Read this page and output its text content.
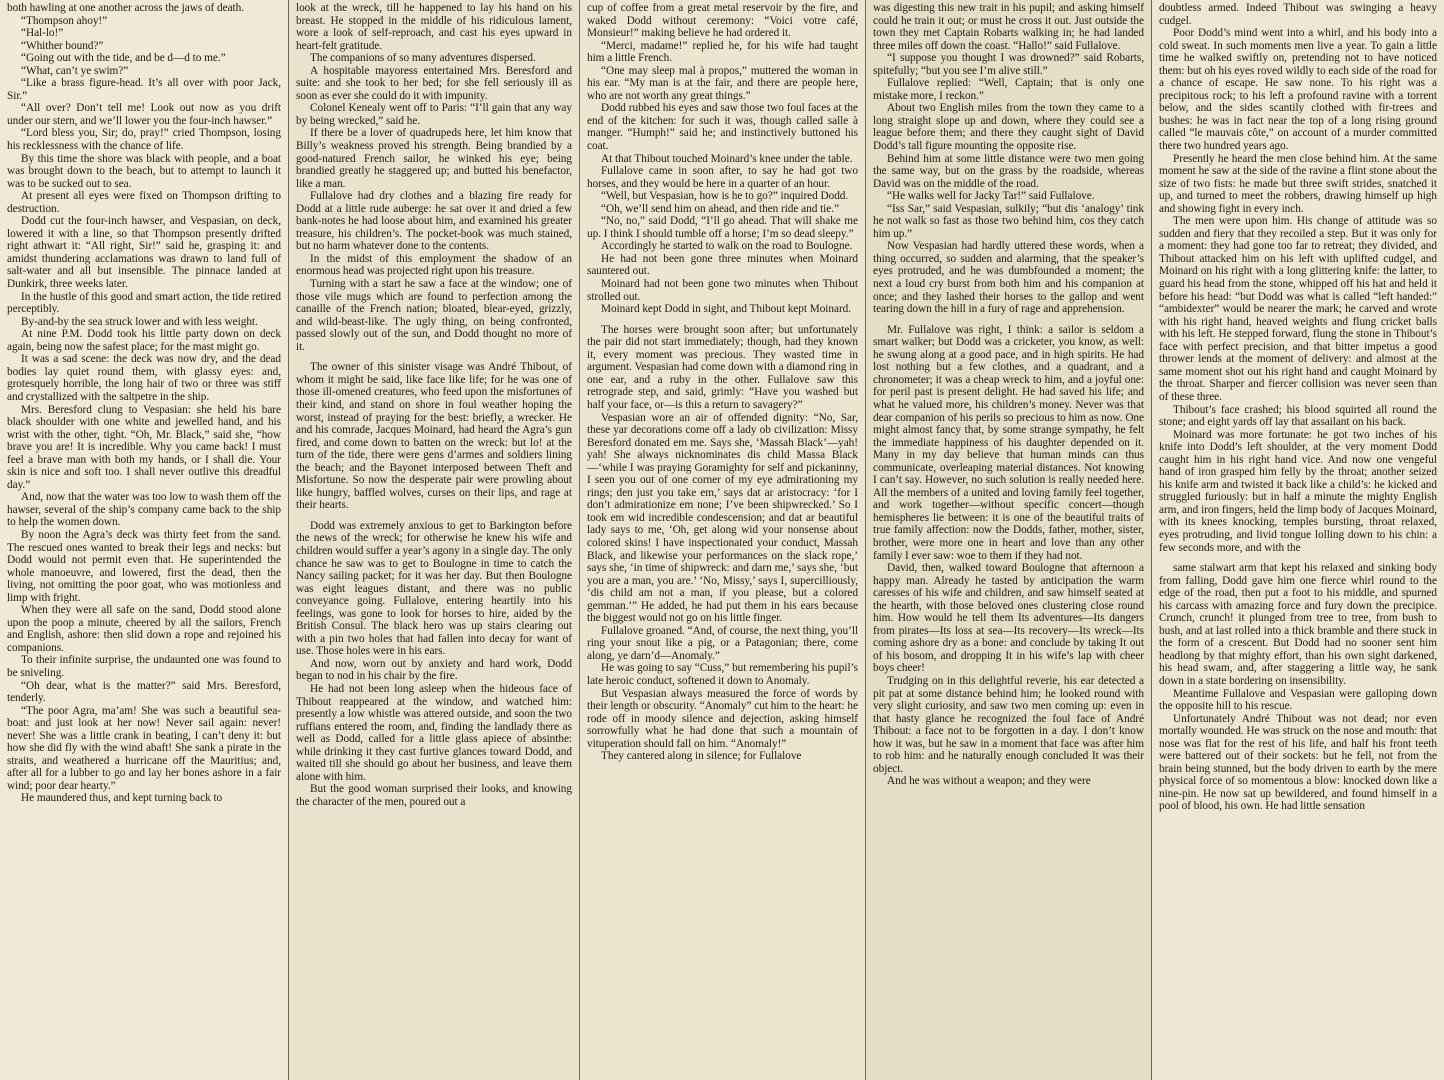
both hawling at one another across the jaws of death.

“Thompson ahoy!”

“Hal-lo!”

“Whither bound?”

“Going out with the tide, and be d—d to me.”

“What, can’t ye swim?”

“Like a brass figure-head. It’s all over with poor Jack, Sir.”

“All over? Don’t tell me! Look out now as you drift under our stern, and we’ll lower you the four-inch hawser.”

“Lord bless you, Sir; do, pray!” cried Thompson, losing his recklessness with the chance of life.

By this time the shore was black with people, and a boat was brought down to the beach, but to attempt to launch it was to be sucked out to sea.

At present all eyes were fixed on Thompson drifting to destruction.

Dodd cut the four-inch hawser, and Vespasian, on deck, lowered it with a line, so that Thompson presently drifted right athwart it: “All right, Sir!” said he, grasping it: and amidst thundering acclamations was drawn to land full of salt-water and all but insensible. The pinnace landed at Dunkirk, three weeks later.

In the hustle of this good and smart action, the tide retired perceptibly.

By-and-by the sea struck lower and with less weight.

At nine P.M. Dodd took his little party down on deck again, being now the safest place; for the mast might go.

It was a sad scene: the deck was now dry, and the dead bodies lay quiet round them, with glassy eyes: and, grotesquely horrible, the long hair of two or three was stiff and crystallized with the saltpetre in the ship.

Mrs. Beresford clung to Vespasian: she held his bare black shoulder with one white and jewelled hand, and his wrist with the other, tight. “Oh, Mr. Black,” said she, “how brave you are! It is incredible. Why you came back! I must feel a brave man with both my hands, or I shall die. Your skin is nice and soft too. I shall never outlive this dreadful day.”

And, now that the water was too low to wash them off the hawser, several of the ship’s company came back to the ship to help the women down.

By noon the Agra’s deck was thirty feet from the sand. The rescued ones wanted to break their legs and necks: but Dodd would not permit even that. He superintended the whole manoeuvre, and lowered, first the dead, then the living, not omitting the poor goat, who was motionless and limp with fright.

When they were all safe on the sand, Dodd stood alone upon the poop a minute, cheered by all the sailors, French and English, ashore: then slid down a rope and rejoined his companions.

To their infinite surprise, the undaunted one was found to be sniveling.

“Oh dear, what is the matter?” said Mrs. Beresford, tenderly.

“The poor Agra, ma’am! She was such a beautiful sea-boat: and just look at her now! Never sail again: never! never! She was a little crank in beating, I can’t deny it: but how she did fly with the wind abaft! She sank a pirate in the straits, and weathered a hurricane off the Mauritius; and, after all for a lubber to go and lay her bones ashore in a fair wind; poor dear hearty.”

He maundered thus, and kept turning back to

look at the wreck, till he happened to lay his hand on his breast. He stopped in the middle of his ridiculous lament, wore a look of self-reproach, and cast his eyes upward in heart-felt gratitude.

The companions of so many adventures dispersed.

A hospitable mayoress entertained Mrs. Beresford and suite: and she took to her bed; for she fell seriously ill as soon as ever she could do it with impunity.

Colonel Kenealy went off to Paris: “I’ll gain that any way by being wrecked,” said he.

If there be a lover of quadrupeds here, let him know that Billy’s weakness proved his strength. Being brandied by a good-natured French sailor, he winked his eye; being brandied greatly he staggered up; and butted his benefactor, like a man.

Fullalove had dry clothes and a blazing fire ready for Dodd at a little rude auberge: he sat over it and dried a few bank-notes he had loose about him, and examined his greater treasure, his children’s. The pocket-book was much stained, but no harm whatever done to the contents.

In the midst of this employment the shadow of an enormous head was projected right upon his treasure.

Turning with a start he saw a face at the window; one of those vile mugs which are found to perfection among the canaille of the French nation; bloated, blear-eyed, grizzly, and wild-beast-like. The ugly thing, on being confronted, passed slowly out of the sun, and Dodd thought no more of it.

The owner of this sinister visage was André Thibout, of whom it might be said, like face like life; for he was one of those ill-omened creatures, who feed upon the misfortunes of their kind, and stand on shore in foul weather hoping the worst, instead of praying for the best: briefly, a wrecker. He and his comrade, Jacques Moinard, had heard the Agra’s gun fired, and come down to batten on the wreck: but lo! at the turn of the tide, there were gens d’armes and soldiers lining the beach; and the Bayonet interposed between Theft and Misfortune. So now the desperate pair were prowling about like hungry, baffled wolves, curses on their lips, and rage at their hearts.

Dodd was extremely anxious to get to Barkington before the news of the wreck; for otherwise he knew his wife and children would suffer a year’s agony in a single day. The only chance he saw was to get to Boulogne in time to catch the Nancy sailing packet; for it was her day. But then Boulogne was eight leagues distant, and there was no public conveyance going. Fullalove, entering heartily into his feelings, was gone to look for horses to hire, aided by the British Consul. The black hero was up stairs clearing out with a pin two holes that had fallen into decay for want of use. Those holes were in his ears.

And now, worn out by anxiety and hard work, Dodd began to nod in his chair by the fire.

He had not been long asleep when the hideous face of Thibout reappeared at the window, and watched him: presently a low whistle was attered outside, and soon the two ruffians entered the room, and, finding the landlady there as well as Dodd, called for a little glass apiece of absinthe: while drinking it they cast furtive glances toward Dodd, and waited till she should go about her business, and leave them alone with him.

But the good woman surprised their looks, and knowing the character of the men, poured out a

cup of coffee from a great metal reservoir by the fire, and waked Dodd without ceremony: “Voici votre café, Monsieur!” making believe he had ordered it.

“Merci, madame!” replied he, for his wife had taught him a little French.

“One may sleep mal à propos,” muttered the woman in his ear. “My man is at the fair, and there are people here, who are not worth any great things.”

Dodd rubbed his eyes and saw those two foul faces at the end of the kitchen: for such it was, though called salle à manger. “Humph!” said he; and instinctively buttoned his coat.

At that Thibout touched Moinard’s knee under the table.

Fullalove came in soon after, to say he had got two horses, and they would be here in a quarter of an hour.

“Well, but Vespasian, how is he to go?” inquired Dodd.

“Oh, we’ll send him on ahead, and then ride and tie.”

“No, no,” said Dodd, “I’ll go ahead. That will shake me up. I think I should tumble off a horse; I’m so dead sleepy.”

Accordingly he started to walk on the road to Boulogne.

He had not been gone three minutes when Moinard sauntered out.

Moinard had not been gone two minutes when Thibout strolled out.

Moinard kept Dodd in sight, and Thibout kept Moinard.

The horses were brought soon after; but unfortunately the pair did not start immediately; though, had they known it, every moment was precious. They wasted time in argument. Vespasian had come down with a diamond ring in one ear, and a ruby in the other. Fullalove saw this retrograde step, and said, grimly: “Have you washed but half your face, or—is this a return to savagery?”

Vespasian wore an air of offended dignity: “No, Sar, these yar decorations come off a lady ob civilization: Missy Beresford donated em me. Says she, ‘Massah Black’—yah! yah! She always nicknominates dis child Massa Black—‘while I was praying Goramighty for self and pickaninny, I seen you out of one corner of my eye admirationing my rings; den just you take em,’ says dat ar aristocracy: ‘for I don’t admirationize em none; I’ve been shipwrecked.’ So I took em wid incredible condescension; and dat ar beautiful lady says to me, ‘Oh, get along wid your nonsense about colored skins! I have inspectionated your conduct, Massah Black, and likewise your performances on the slack rope,’ says she, ‘in time of shipwreck: and darn me,’ says she, ‘but you are a man, you are.’ ‘No, Missy,’ says I, supercilliously, ‘dis child am not a man, if you please, but a colored gemman.’” He added, he had put them in his ears because the biggest would not go on his little finger.

Fullalove groaned. “And, of course, the next thing, you’ll ring your snout like a pig, or a Patagonian; there, come along, ye darn’d—Anomaly.”

He was going to say “Cuss,” but remembering his pupil’s late heroic conduct, softened it down to Anomaly.

But Vespasian always measured the force of words by their length or obscurity. “Anomaly” cut him to the heart: he rode off in moody silence and dejection, asking himself sorrowfully what he had done that such a mountain of vituperation should fall on him. “Anomaly!”

They cantered along in silence; for Fullalove

was digesting this new trait in his pupil; and asking himself could he train it out; or must he cross it out. Just outside the town they met Captain Robarts walking in; he had landed three miles off down the coast. “Hallo!” said Fullalove.

“I suppose you thought I was drowned?” said Robarts, spitefully; “but you see I’m alive still.”

Fullalove replied: “Well, Captain; that is only one mistake more, I reckon.”

About two English miles from the town they came to a long straight slope up and down, where they could see a league before them; and there they caught sight of David Dodd’s tall figure mounting the opposite rise.

Behind him at some little distance were two men going the same way, but on the grass by the roadside, whereas David was on the middle of the road.

“He walks well for Jacky Tar!” said Fullalove.

“Iss Sar,” said Vespasian, sulkily; “but dis ‘analogy’ tink he not walk so fast as those two behind him, cos they catch him up.”

Now Vespasian had hardly uttered these words, when a thing occurred, so sudden and alarming, that the speaker’s eyes protruded, and he was dumbfounded a moment; the next a loud cry burst from both him and his companion at once; and they lashed their horses to the gallop and went tearing down the hill in a fury of rage and apprehension.

Mr. Fullalove was right, I think: a sailor is seldom a smart walker; but Dodd was a cricketer, you know, as well: he swung along at a good pace, and in high spirits. He had lost nothing but a few clothes, and a quadrant, and a chronometer; it was a cheap wreck to him, and a joyful one: for peril past is present delight. He had saved his life; and what he valued more, his children’s money. Never was that dear companion of his perils so precious to him as now. One might almost fancy that, by some strange sympathy, he felt the immediate happiness of his daughter depended on it. Many in my day believe that human minds can thus communicate, overleaping material distances. Not knowing I can’t say. However, no such solution is really needed here. All the members of a united and loving family feel together, and work together—without specific concert—though hemispheres lie between: it is one of the beautiful traits of true family affection: now the Dodds, father, mother, sister, brother, were more one in heart and love than any other family I ever saw: woe to them if they had not.

David, then, walked toward Boulogne that afternoon a happy man. Already he tasted by anticipation the warm caresses of his wife and children, and saw himself seated at the hearth, with those beloved ones clustering close round him. How would he tell them Its adventures—Its dangers from pirates—Its loss at sea—Its recovery—Its wreck—Its coming ashore dry as a bone: and conclude by taking It out of his bosom, and dropping It in his wife’s lap with cheer boys cheer!

Trudging on in this delightful reverie, his ear detected a pit pat at some distance behind him; he looked round with very slight curiosity, and saw two men coming up: even in that hasty glance he recognized the foul face of André Thibout: a face not to be forgotten in a day. I don’t know how it was, but he saw in a moment that face was after him to rob him: and he naturally enough concluded It was their object.

And he was without a weapon; and they were

doubtless armed. Indeed Thibout was swinging a heavy cudgel.

Poor Dodd’s mind went into a whirl, and his body into a cold sweat. In such moments men live a year. To gain a little time he walked swiftly on, pretending not to have noticed them: but oh his eyes roved wildly to each side of the road for a chance of escape. He saw none. To his right was a precipitous rock; to his left a profound ravine with a torrent below, and the sides scantily clothed with fir-trees and bushes: he was in fact near the top of a long rising ground called “le mauvais côte,” on account of a murder committed there two hundred years ago.

Presently he heard the men close behind him. At the same moment he saw at the side of the ravine a flint stone about the size of two fists: he made but three swift strides, snatched it up, and turned to meet the robbers, drawing himself up high and showing fight in every inch.

The men were upon him. His change of attitude was so sudden and fiery that they recoiled a step. But it was only for a moment: they had gone too far to retreat; they divided, and Thibout attacked him on his left with uplifted cudgel, and Moinard on his right with a long glittering knife: the latter, to guard his head from the stone, whipped off his hat and held it before his head: “but Dodd was what is called “left handed:” “ambidexter” would be nearer the mark; he carved and wrote with his right hand, heaved weights and flung cricket balls with his left. He stepped forward, flung the stone in Thibout’s face with perfect precision, and that bitter impetus a good thrower lends at the moment of delivery: and almost at the same moment shot out his right hand and caught Moinard by the throat. Sharper and fiercer collision was never seen than of these three.

Thibout’s face crashed; his blood squirted all round the stone; and eight yards off lay that assailant on his back.

Moinard was more fortunate: he got two inches of his knife into Dodd’s left shoulder, at the very moment Dodd caught him in his right hand vice. And now one vengeful hand of iron grasped him felly by the throat; another seized his knife arm and twisted it back like a child’s: he kicked and struggled furiously: but in half a minute the mighty English arm, and iron fingers, held the limp body of Jacques Moinard, with its knees knocking, temples bursting, throat relaxed, eyes protruding, and livid tongue lolling down to his chin: a few seconds more, and with the

same stalwart arm that kept his relaxed and sinking body from falling, Dodd gave him one fierce whirl round to the edge of the road, then put a foot to his middle, and spurned his carcass with amazing force and fury down the precipice. Crunch, crunch! it plunged from tree to tree, from bush to bush, and at last rolled into a thick bramble and there stuck in the form of a crescent. But Dodd had no sooner sent him headlong by that mighty effort, than his own sight darkened, his head swam, and, after staggering a little way, he sank down in a state bordering on insensibility.

Meantime Fullalove and Vespasian were galloping down the opposite hill to his rescue.

Unfortunately André Thibout was not dead; nor even mortally wounded. He was struck on the nose and mouth: that nose was flat for the rest of his life, and half his front teeth were battered out of their sockets: but he fell, not from the brain being stunned, but the body driven to earth by the mere physical force of so momentous a blow: knocked down like a nine-pin. He now sat up bewildered, and found himself in a pool of blood, his own. He had little sensation
